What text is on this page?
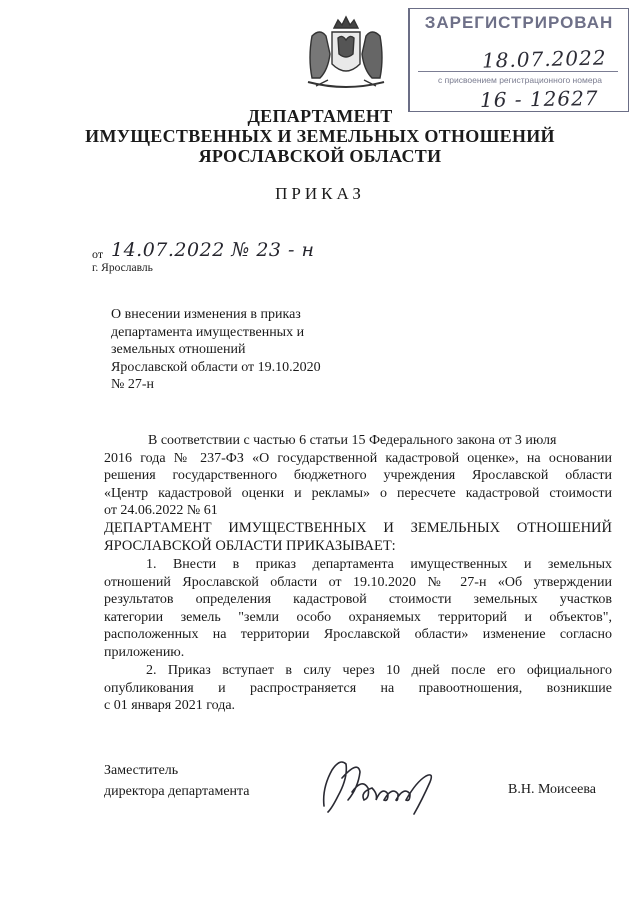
ЗАРЕГИСТРИРОВАН
18.07.2022
с присвоением регистрационного номера
16 - 12627
ДЕПАРТАМЕНТ
ИМУЩЕСТВЕННЫХ И ЗЕМЕЛЬНЫХ ОТНОШЕНИЙ
ЯРОСЛАВСКОЙ ОБЛАСТИ
ПРИКАЗ
от 14.07.2022 № 23 - н
г. Ярославль
О внесении изменения в приказ
департамента имущественных и
земельных отношений
Ярославской области от 19.10.2020
№ 27-н
В соответствии с частью 6 статьи 15 Федерального закона от 3 июля
2016 года № 237-ФЗ «О государственной кадастровой оценке», на основании
решения государственного бюджетного учреждения Ярославской области
«Центр кадастровой оценки и рекламы» о пересчете кадастровой стоимости
от 24.06.2022 № 61
ДЕПАРТАМЕНТ ИМУЩЕСТВЕННЫХ И ЗЕМЕЛЬНЫХ ОТНОШЕНИЙ
ЯРОСЛАВСКОЙ ОБЛАСТИ ПРИКАЗЫВАЕТ:
1. Внести в приказ департамента имущественных и земельных
отношений Ярославской области от 19.10.2020 № 27-н «Об утверждении
результатов определения кадастровой стоимости земельных участков
категории земель "земли особо охраняемых территорий и объектов",
расположенных на территории Ярославской области» изменение согласно
приложению.
2. Приказ вступает в силу через 10 дней после его официального
опубликования и распространяется на правоотношения, возникшие
с 01 января 2021 года.
Заместитель
директора департамента	В.Н. Моисеева
